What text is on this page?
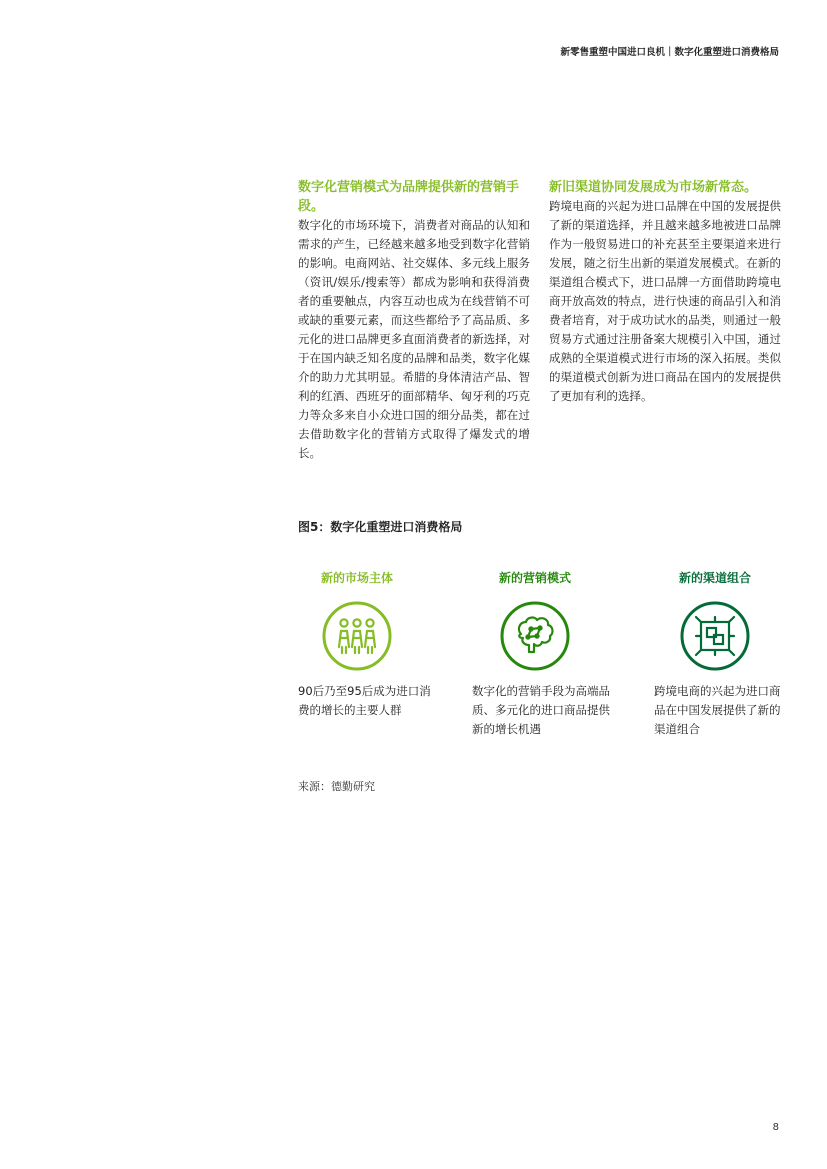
新零售重塑中国进口良机｜数字化重塑进口消费格局
数字化营销模式为品牌提供新的营销手段。

数字化的市场环境下，消费者对商品的认知和需求的产生，已经越来越多地受到数字化营销的影响。电商网站、社交媒体、多元线上服务（资讯/娱乐/搜索等）都成为影响和获得消费者的重要触点，内容互动也成为在线营销不可或缺的重要元素，而这些都给予了高品质、多元化的进口品牌更多直面消费者的新选择，对于在国内缺乏知名度的品牌和品类，数字化媒介的助力尤其明显。希腊的身体清洁产品、智利的红酒、西班牙的面部精华、匈牙利的巧克力等众多来自小众进口国的细分品类，都在过去借助数字化的营销方式取得了爆发式的增长。

新旧渠道协同发展成为市场新常态。

跨境电商的兴起为进口品牌在中国的发展提供了新的渠道选择，并且越来越多地被进口品牌作为一般贸易进口的补充甚至主要渠道来进行发展，随之衍生出新的渠道发展模式。在新的渠道组合模式下，进口品牌一方面借助跨境电商开放高效的特点，进行快速的商品引入和消费者培育，对于成功试水的品类，则通过一般贸易方式通过注册备案大规模引入中国，通过成熟的全渠道模式进行市场的深入拓展。类似的渠道模式创新为进口商品在国内的发展提供了更加有利的选择。

图5：数字化重塑进口消费格局
新的市场主体

90后乃至95后成为进口消费的增长的主要人群

新的营销模式

数字化的营销手段为高端品质、多元化的进口商品提供新的增长机遇

新的渠道组合

跨境电商的兴起为进口商品在中国发展提供了新的渠道组合

来源：德勤研究
8
